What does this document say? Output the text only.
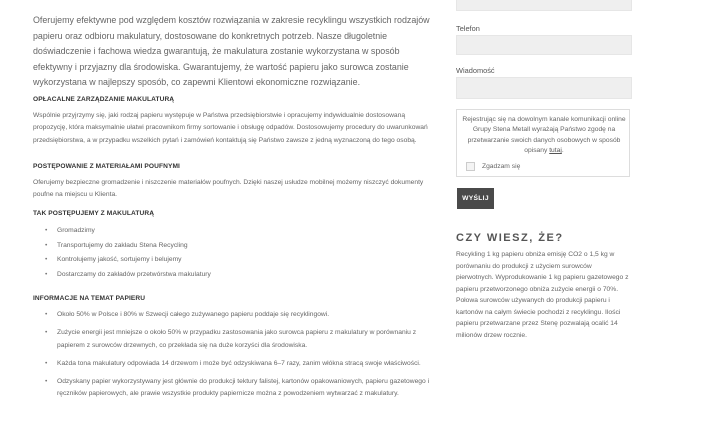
Oferujemy efektywne pod względem kosztów rozwiązania w zakresie recyklingu wszystkich rodzajów papieru oraz odbioru makulatury, dostosowane do konkretnych potrzeb. Nasze długoletnie doświadczenie i fachowa wiedza gwarantują, że makulatura zostanie wykorzystana w sposób efektywny i przyjazny dla środowiska. Gwarantujemy, że wartość papieru jako surowca zostanie wykorzystana w najlepszy sposób, co zapewni Klientowi ekonomiczne rozwiązanie.

OPŁACALNE ZARZĄDZANIE MAKULATURĄ

Wspólnie przyjrzymy się, jaki rodzaj papieru występuje w Państwa przedsiębiorstwie i opracujemy indywidualnie dostosowaną propozycję, która maksymalnie ułatwi pracownikom firmy sortowanie i obsługę odpadów. Dostosowujemy procedury do uwarunkowań przedsiębiorstwa, a w przypadku wszelkich pytań i zamówień kontaktują się Państwo zawsze z jedną wyznaczoną do tego osobą.

POSTĘPOWANIE Z MATERIAŁAMI POUFNYMI

Oferujemy bezpieczne gromadzenie i niszczenie materiałów poufnych. Dzięki naszej usłudze mobilnej możemy niszczyć dokumenty poufne na miejscu u Klienta.

TAK POSTĘPUJEMY Z MAKULATURĄ
• Gromadzimy
• Transportujemy do zakładu Stena Recycling
• Kontrolujemy jakość, sortujemy i belujemy
• Dostarczamy do zakładów przetwórstwa makulatury
INFORMACJE NA TEMAT PAPIERU
• Około 50% w Polsce i 80% w Szwecji całego zużywanego papieru poddaje się recyklingowi.
• Zużycie energii jest mniejsze o około 50% w przypadku zastosowania jako surowca papieru z makulatury w porównaniu z papierem z surowców drzewnych, co przekłada się na duże korzyści dla środowiska.
• Każda tona makulatury odpowiada 14 drzewom i może być odzyskiwana 6–7 razy, zanim włókna stracą swoje właściwości.
• Odzyskany papier wykorzystywany jest głównie do produkcji tektury falistej, kartonów opakowaniowych, papieru gazetowego i ręczników papierowych, ale prawie wszystkie produkty papiernicze można z powodzeniem wytwarzać z makulatury.
Telefon
Wiadomość
Rejestrując się na dowolnym kanale komunikacji online Grupy Stena Metall wyrażają Państwo zgodę na przetwarzanie swoich danych osobowych w sposób opisany tutaj.
Zgadzam się
WYŚLIJ
CZY WIESZ, ŻE?

Recykling 1 kg papieru obniża emisję CO2 o 1,5 kg w porównaniu do produkcji z użyciem surowców pierwotnych. Wyprodukowanie 1 kg papieru gazetowego z papieru przetworzonego obniża zużycie energii o 70%. Połowa surowców używanych do produkcji papieru i kartonów na całym świecie pochodzi z recyklingu. Ilości papieru przetwarzane przez Stenę pozwalają ocalić 14 milionów drzew rocznie.
